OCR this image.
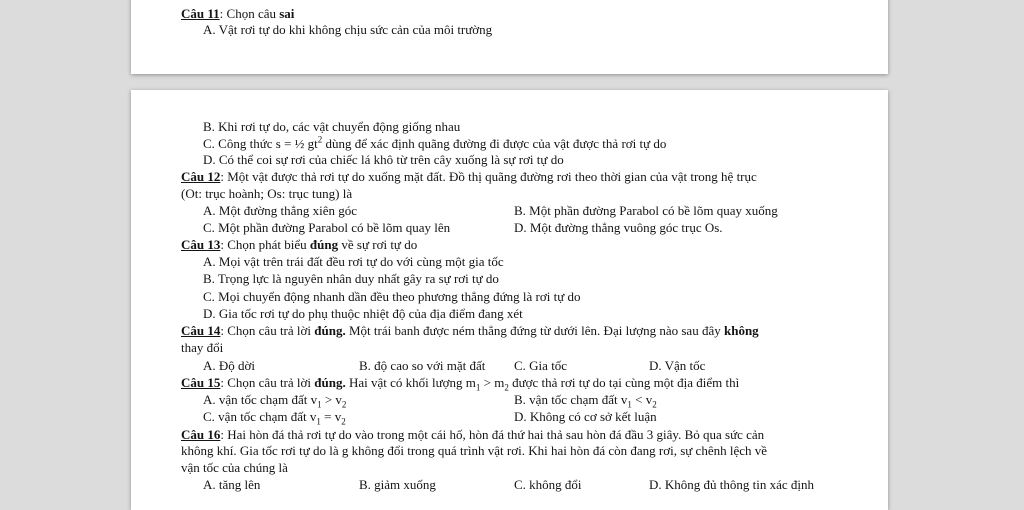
Câu 11: Chọn câu sai
A. Vật rơi tự do khi không chịu sức cản của môi trường
B. Khi rơi tự do, các vật chuyển động giống nhau
C. Công thức s = ½ $gt^2$ dùng để xác định quãng đường đi được của vật được thả rơi tự do
D. Có thể coi sự rơi của chiếc lá khô từ trên cây xuống là sự rơi tự do
Câu 12: Một vật được thả rơi tự do xuống mặt đất. Đồ thị quãng đường rơi theo thời gian của vật trong hệ trục
(Ot: trục hoành; Os: trục tung) là
A. Một đường thẳng xiên góc	B. Một phần đường Parabol có bề lõm quay xuống
C. Một phần đường Parabol có bề lõm quay lên	D. Một đường thẳng vuông góc trục Os.
Câu 13: Chọn phát biểu đúng về sự rơi tự do
A. Mọi vật trên trái đất đều rơi tự do với cùng một gia tốc
B. Trọng lực là nguyên nhân duy nhất gây ra sự rơi tự do
C. Mọi chuyển động nhanh dần đều theo phương thẳng đứng là rơi tự do
D. Gia tốc rơi tự do phụ thuộc nhiệt độ của địa điểm đang xét
Câu 14: Chọn câu trả lời đúng. Một trái banh được ném thẳng đứng từ dưới lên. Đại lượng nào sau đây không
thay đổi
A. Độ dời	B. độ cao so với mặt đất C. Gia tốc	D. Vận tốc
Câu 15: Chọn câu trả lời đúng. Hai vật có khối lượng $m_1 > m_2$ được thả rơi tự do tại cùng một địa điểm thì
A. vận tốc chạm đất $v_1 > v_2$	B. vận tốc chạm đất $v_1 < v_2$
C. vận tốc chạm đất $v_1 = v_2$	D. Không có cơ sở kết luận
Câu 16: Hai hòn đá thả rơi tự do vào trong một cái hố, hòn đá thứ hai thả sau hòn đá đầu 3 giây. Bỏ qua sức cản
không khí. Gia tốc rơi tự do là g không đổi trong quá trình vật rơi. Khi hai hòn đá còn đang rơi, sự chênh lệch về
vận tốc của chúng là
A. tăng lên	B. giảm xuống	C. không đổi	D. Không đủ thông tin xác định
